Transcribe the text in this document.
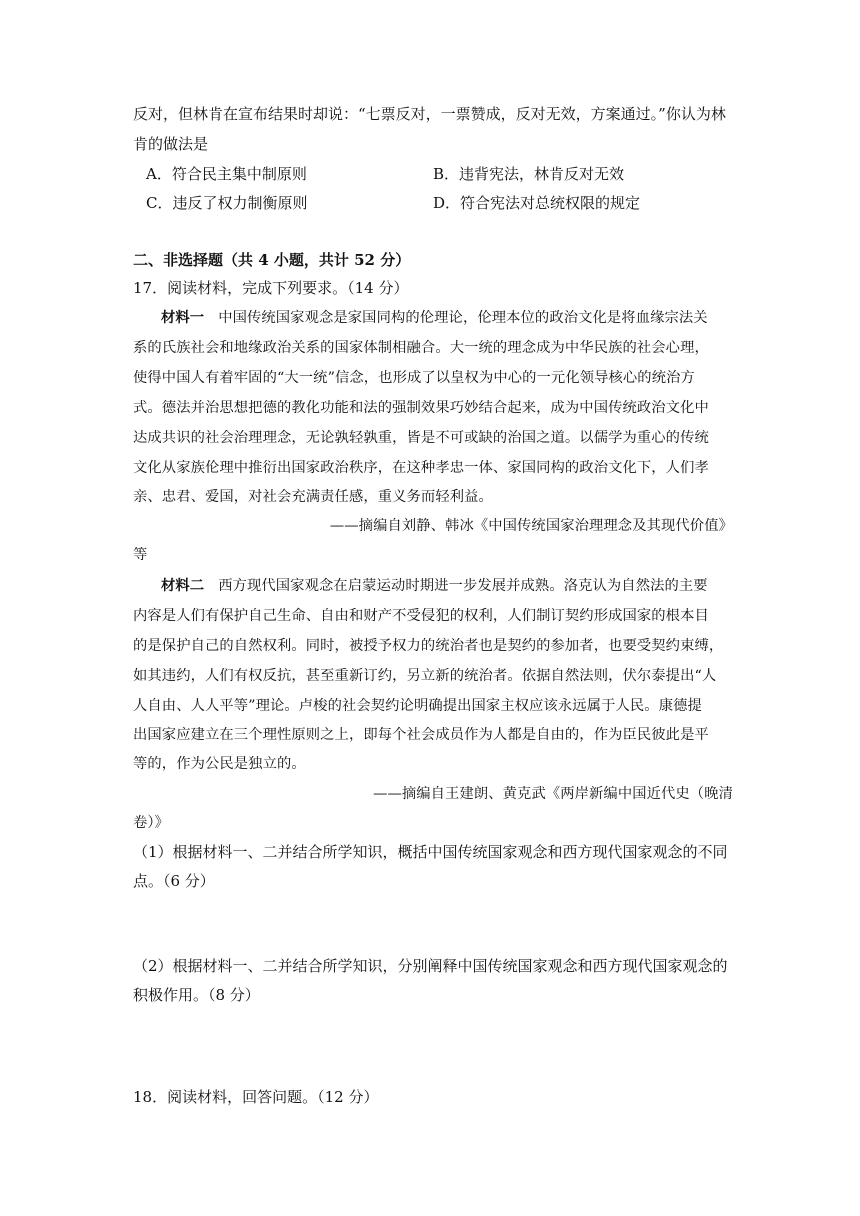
反对，但林肯在宣布结果时却说：“七票反对，一票赞成，反对无效，方案通过。”你认为林
肯的做法是
A．符合民主集中制原则	B．违背宪法，林肯反对无效
C．违反了权力制衡原则	D．符合宪法对总统权限的规定
二、非选择题（共 4 小题，共计 52 分）
17．阅读材料，完成下列要求。（14 分）
材料一 中国传统国家观念是家国同构的伦理论，伦理本位的政治文化是将血缘宗法关
系的氏族社会和地缘政治关系的国家体制相融合。大一统的理念成为中华民族的社会心理，
使得中国人有着牢固的“大一统”信念，也形成了以皇权为中心的一元化领导核心的统治方
式。德法并治思想把德的教化功能和法的强制效果巧妙结合起来，成为中国传统政治文化中
达成共识的社会治理理念，无论孰轻孰重，皆是不可或缺的治国之道。以儒学为重心的传统
文化从家族伦理中推衍出国家政治秩序，在这种孝忠一体、家国同构的政治文化下，人们孝
亲、忠君、爱国，对社会充满责任感，重义务而轻利益。
——摘编自刘静、韩冰《中国传统国家治理理念及其现代价值》
等
材料二 西方现代国家观念在启蒙运动时期进一步发展并成熟。洛克认为自然法的主要
内容是人们有保护自己生命、自由和财产不受侵犯的权利，人们制订契约形成国家的根本目
的是保护自己的自然权利。同时，被授予权力的统治者也是契约的参加者，也要受契约束缚，
如其违约，人们有权反抗，甚至重新订约，另立新的统治者。依据自然法则，伏尔泰提出“人
人自由、人人平等”理论。卢梭的社会契约论明确提出国家主权应该永远属于人民。康德提
出国家应建立在三个理性原则之上，即每个社会成员作为人都是自由的，作为臣民彼此是平
等的，作为公民是独立的。
——摘编自王建朗、黄克武《两岸新编中国近代史（晚清
卷）》
（1）根据材料一、二并结合所学知识，概括中国传统国家观念和西方现代国家观念的不同
点。（6 分）
（2）根据材料一、二并结合所学知识，分别阐释中国传统国家观念和西方现代国家观念的
积极作用。（8 分）
18．阅读材料，回答问题。（12 分）
